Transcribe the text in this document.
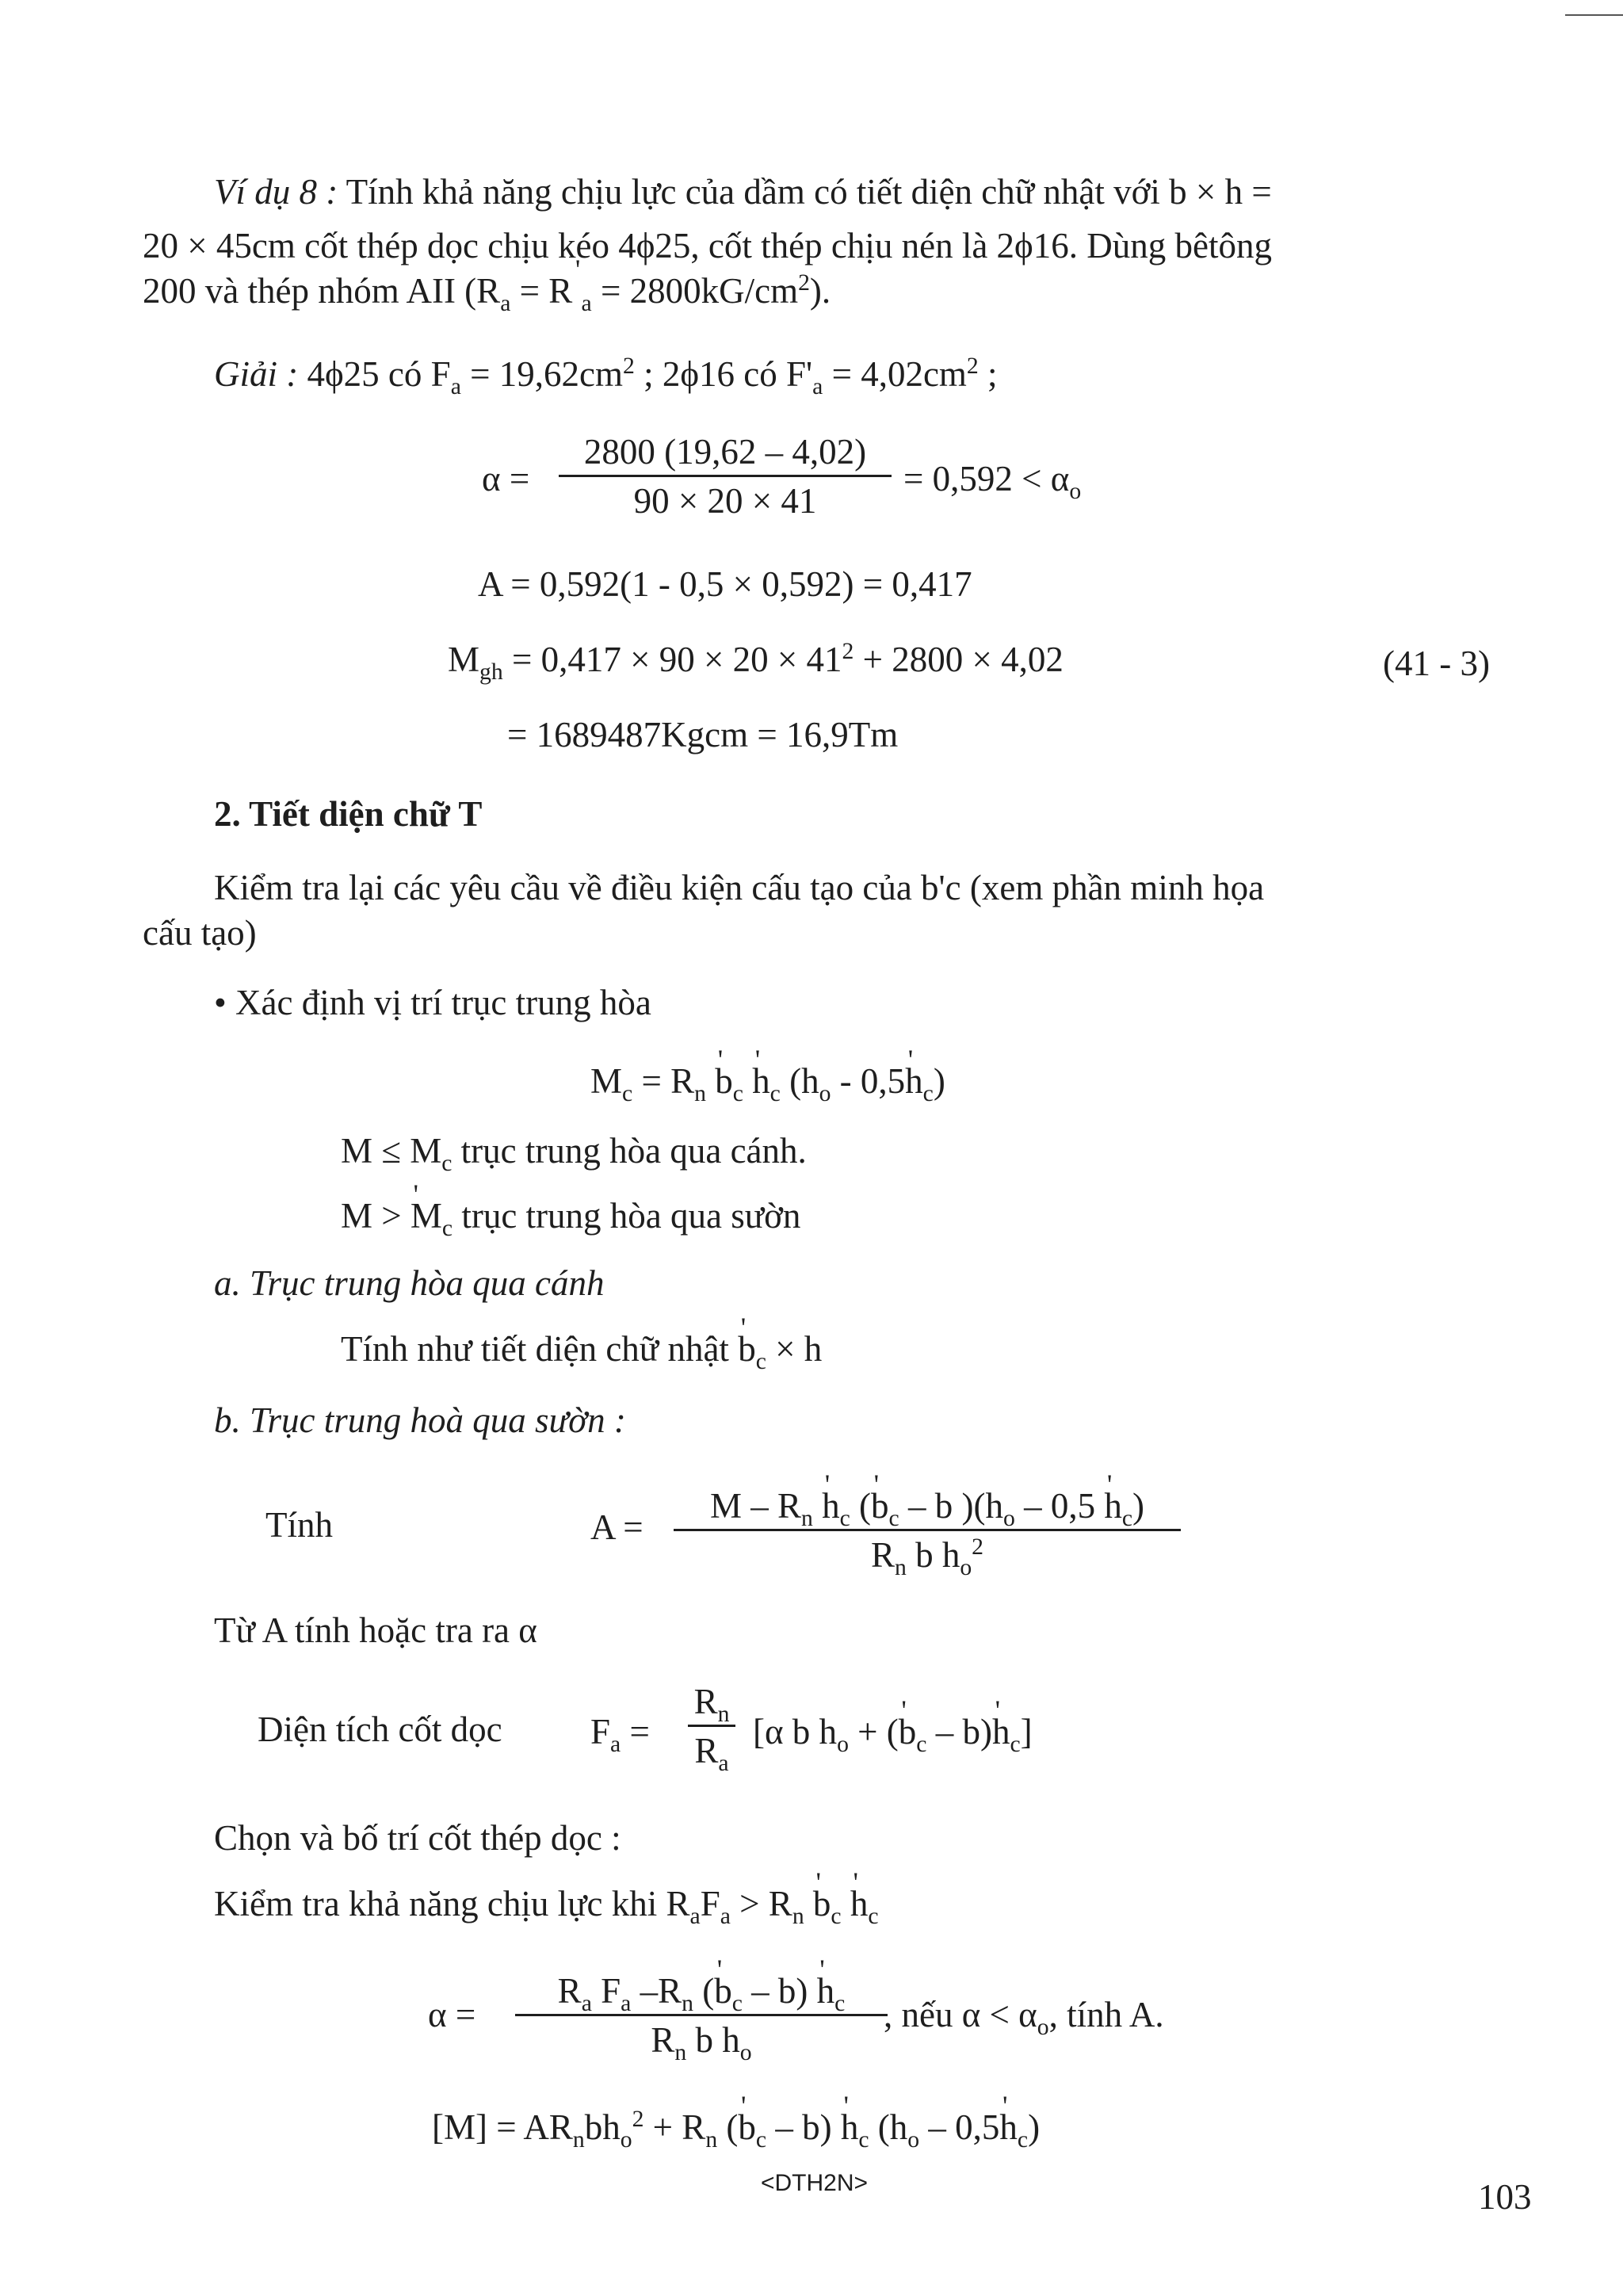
Ví dụ 8 : Tính khả năng chịu lực của dầm có tiết diện chữ nhật với b × h =
20 × 45cm cốt thép dọc chịu kéo 4ϕ25, cốt thép chịu nén là 2ϕ16. Dùng bêtông
200 và thép nhóm AII ($R_a = R$  ' $_a = 2800kG/cm^2$).
Giải : 4ϕ25 có $F_a = 19,62cm^2$ ; 2ϕ16 có $F'_a = 4,02cm^2$ ;
α =
2800 (19,62 – 4,02)
90 × 20 × 41
= $0,592 < \alpha_o$
A = 0,592(1 - 0,5 × 0,592) = 0,417
$M_{gh} = 0,417 \times 90 \times 20 \times 41^2 + 2800 \times 4,02$	(41 - 3)
= 1689487Kgcm = 16,9Tm
2. Tiết diện chữ T
Kiểm tra lại các yêu cầu về điều kiện cấu tạo của b'c (xem phần minh họa
cấu tạo)
• Xác định vị trí trục trung hòa
$M_c = R_n$ $b_c$ ' $h_c$ ' ($h_o - 0,5h_c$ ')
$M \le M_c$ trục trung hòa qua cánh.
$M > M_c$ ' trục trung hòa qua sườn
a. Trục trung hòa qua cánh
Tính như tiết diện chữ nhật $b_c$ ' × h
b. Trục trung hoà qua sườn :
Tính	A =
M – $R_n$ $h_c$ ' ($b_c$ ' – b )($h_o - 0,5$ $h_c$ ')
$R_n$ b $h_o^2$
Từ A tính hoặc tra ra α
Diện tích cốt dọc $F_a$ =
$R_n$
$R_a$
[α b $h_o + (b_c$ ' – $b)h_c$ ']
Chọn và bố trí cốt thép dọc :
Kiểm tra khả năng chịu lực khi $R_aF_a > R_n$ $b_c$ ' $h_c$ '
α =
$R_a$ $F_a$ $-R_n$ ($b_c$ ' – b) $h_c$ '
$R_n$ b $h_o$
, nếu $\alpha < \alpha_o$, tính A.
$[M] = AR_nbh_o^2 + R_n$ ($b_c$ ' – b) $h_c$ ' ($h_o - 0,5h_c$ ')
<DTH2N>	103
